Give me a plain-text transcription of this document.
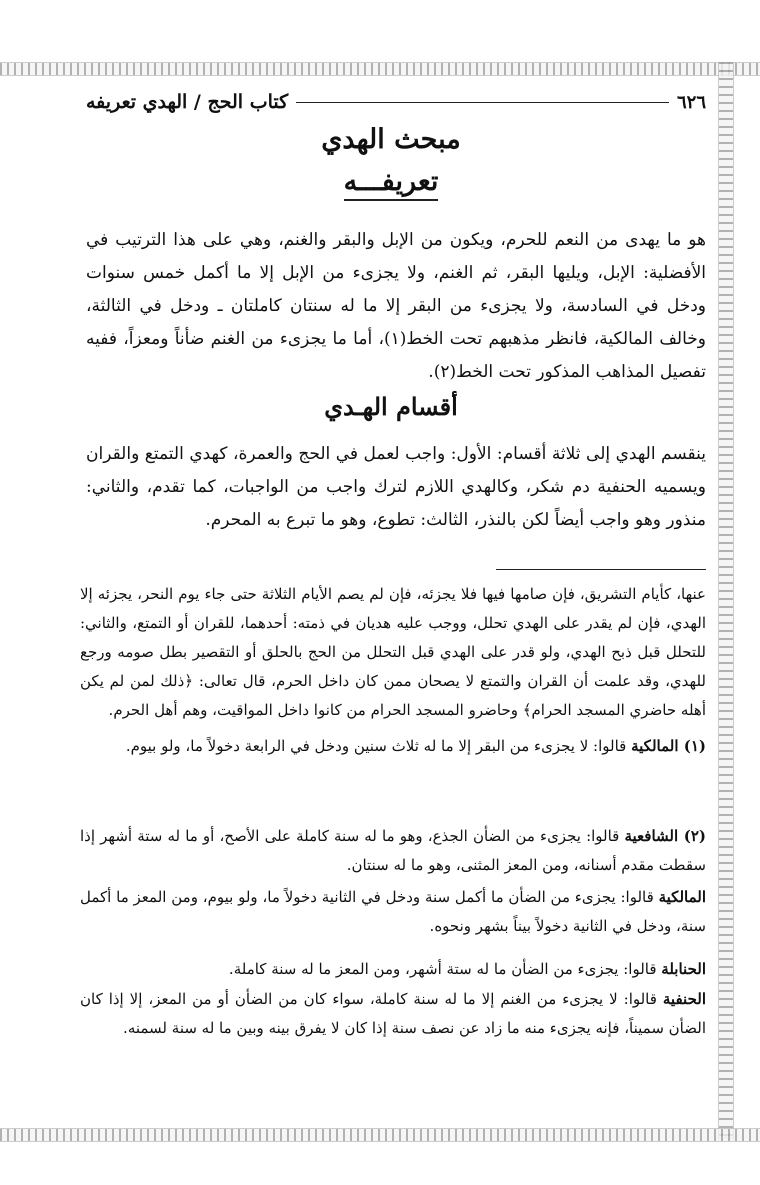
كتاب الحج / الهدي تعريفه	٦٢٦
مبحث الهدي
تعريفـــه

هو ما يهدى من النعم للحرم، ويكون من الإبل والبقر والغنم، وهي على هذا الترتيب في الأفضلية: الإبل، ويليها البقر، ثم الغنم، ولا يجزىء من الإبل إلا ما أكمل خمس سنوات ودخل في السادسة، ولا يجزىء من البقر إلا ما له سنتان كاملتان ـ ودخل في الثالثة، وخالف المالكية، فانظر مذهبهم تحت الخط(١)، أما ما يجزىء من الغنم ضأناً ومعزاً، ففيه تفصيل المذاهب المذكور تحت الخط(٢).

أقسام الهـدي

ينقسم الهدي إلى ثلاثة أقسام: الأول: واجب لعمل في الحج والعمرة، كهدي التمتع والقران ويسميه الحنفية دم شكر، وكالهدي اللازم لترك واجب من الواجبات، كما تقدم، والثاني: منذور وهو واجب أيضاً لكن بالنذر، الثالث: تطوع، وهو ما تبرع به المحرم.

عنها، كأيام التشريق، فإن صامها فيها فلا يجزئه، فإن لم يصم الأيام الثلاثة حتى جاء يوم النحر، يجزئه إلا الهدي، فإن لم يقدر على الهدي تحلل، ووجب عليه هديان في ذمته: أحدهما، للقران أو التمتع، والثاني: للتحلل قبل ذبح الهدي، ولو قدر على الهدي قبل التحلل من الحج بالحلق أو التقصير بطل صومه ورجع للهدي، وقد علمت أن القران والتمتع لا يصحان ممن كان داخل الحرم، قال تعالى: ﴿ذلك لمن لم يكن أهله حاضري المسجد الحرام﴾ وحاضرو المسجد الحرام من كانوا داخل المواقيت، وهم أهل الحرم.

(١) المالكية قالوا: لا يجزىء من البقر إلا ما له ثلاث سنين ودخل في الرابعة دخولاً ما، ولو بيوم.

(٢) الشافعية قالوا: يجزىء من الضأن الجذع، وهو ما له سنة كاملة على الأصح، أو ما له ستة أشهر إذا سقطت مقدم أسنانه، ومن المعز المثنى، وهو ما له سنتان.

المالكية قالوا: يجزىء من الضأن ما أكمل سنة ودخل في الثانية دخولاً ما، ولو بيوم، ومن المعز ما أكمل سنة، ودخل في الثانية دخولاً بيناً بشهر ونحوه.

الحنابلة قالوا: يجزىء من الضأن ما له ستة أشهر، ومن المعز ما له سنة كاملة.

الحنفية قالوا: لا يجزىء من الغنم إلا ما له سنة كاملة، سواء كان من الضأن أو من المعز، إلا إذا كان الضأن سميناً، فإنه يجزىء منه ما زاد عن نصف سنة إذا كان لا يفرق بينه وبين ما له سنة لسمنه.
